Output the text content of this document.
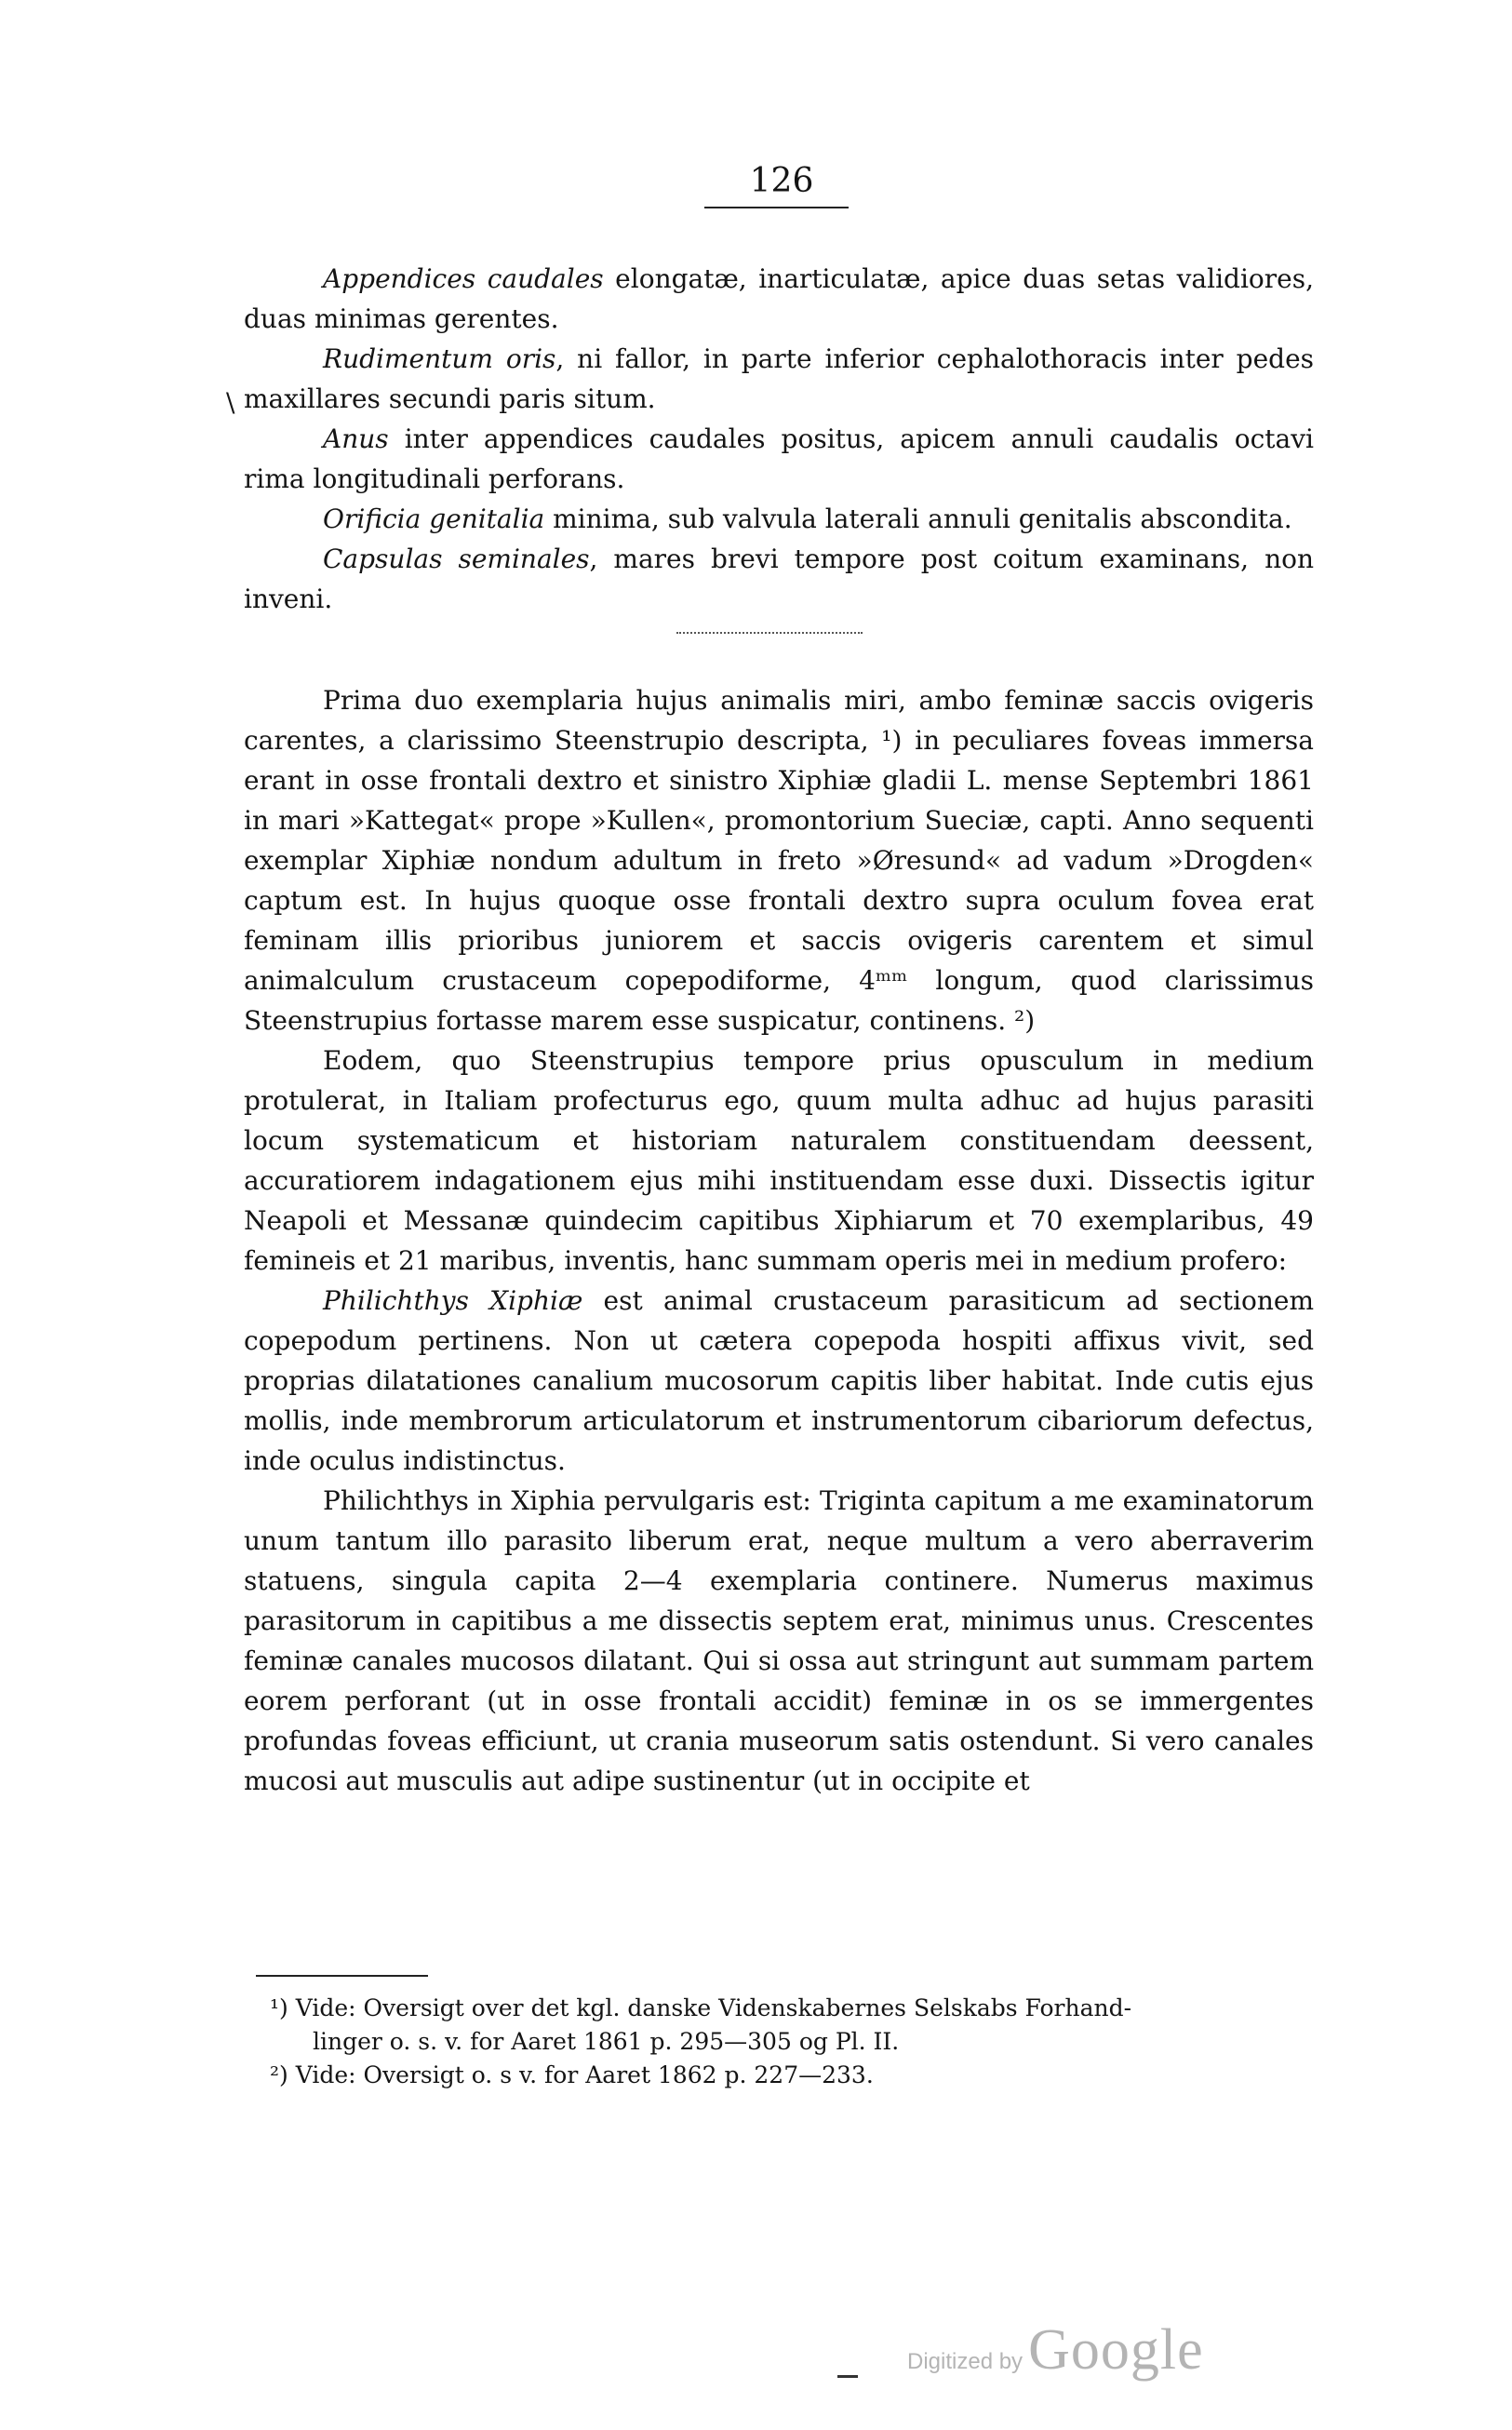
126
\

Appendices caudales elongatæ, inarticulatæ, apice duas setas validiores, duas minimas gerentes.

Rudimentum oris, ni fallor, in parte inferior cephalothoracis inter pedes maxillares secundi paris situm.

Anus inter appendices caudales positus, apicem annuli caudalis octavi rima longitudinali perforans.

Orificia genitalia minima, sub valvula laterali annuli genitalis abscondita.

Capsulas seminales, mares brevi tempore post coitum examinans, non inveni.

Prima duo exemplaria hujus animalis miri, ambo feminæ saccis ovigeris carentes, a clarissimo Steenstrupio descripta, ¹) in peculiares foveas immersa erant in osse frontali dextro et sinistro Xiphiæ gladii L. mense Septembri 1861 in mari »Kattegat« prope »Kullen«, promontorium Sueciæ, capti. Anno sequenti exemplar Xiphiæ nondum adultum in freto »Øresund« ad vadum »Drogden« captum est. In hujus quoque osse frontali dextro supra oculum fovea erat feminam illis prioribus juniorem et saccis ovigeris carentem et simul animalculum crustaceum copepodiforme, 4ᵐᵐ longum, quod clarissimus Steenstrupius fortasse marem esse suspicatur, continens. ²)

Eodem, quo Steenstrupius tempore prius opusculum in medium protulerat, in Italiam profecturus ego, quum multa adhuc ad hujus parasiti locum systematicum et historiam naturalem constituendam deessent, accuratiorem indagationem ejus mihi instituendam esse duxi. Dissectis igitur Neapoli et Messanæ quindecim capitibus Xiphiarum et 70 exemplaribus, 49 femineis et 21 maribus, inventis, hanc summam operis mei in medium profero:

Philichthys Xiphiæ est animal crustaceum parasiticum ad sectionem copepodum pertinens. Non ut cætera copepoda hospiti affixus vivit, sed proprias dilatationes canalium mucosorum capitis liber habitat. Inde cutis ejus mollis, inde membrorum articulatorum et instrumentorum cibariorum defectus, inde oculus indistinctus.

Philichthys in Xiphia pervulgaris est: Triginta capitum a me examinatorum unum tantum illo parasito liberum erat, neque multum a vero aberraverim statuens, singula capita 2—4 exemplaria continere. Numerus maximus parasitorum in capitibus a me dissectis septem erat, minimus unus. Crescentes feminæ canales mucosos dilatant. Qui si ossa aut stringunt aut summam partem eorem perforant (ut in osse frontali accidit) feminæ in os se immergentes profundas foveas efficiunt, ut crania museorum satis ostendunt. Si vero canales mucosi aut musculis aut adipe sustinentur (ut in occipite et

¹) Vide: Oversigt over det kgl. danske Videnskabernes Selskabs Forhand-

linger o. s. v. for Aaret 1861 p. 295—305 og Pl. II.

²) Vide: Oversigt o. s v. for Aaret 1862 p. 227—233.

Digitized by Google
